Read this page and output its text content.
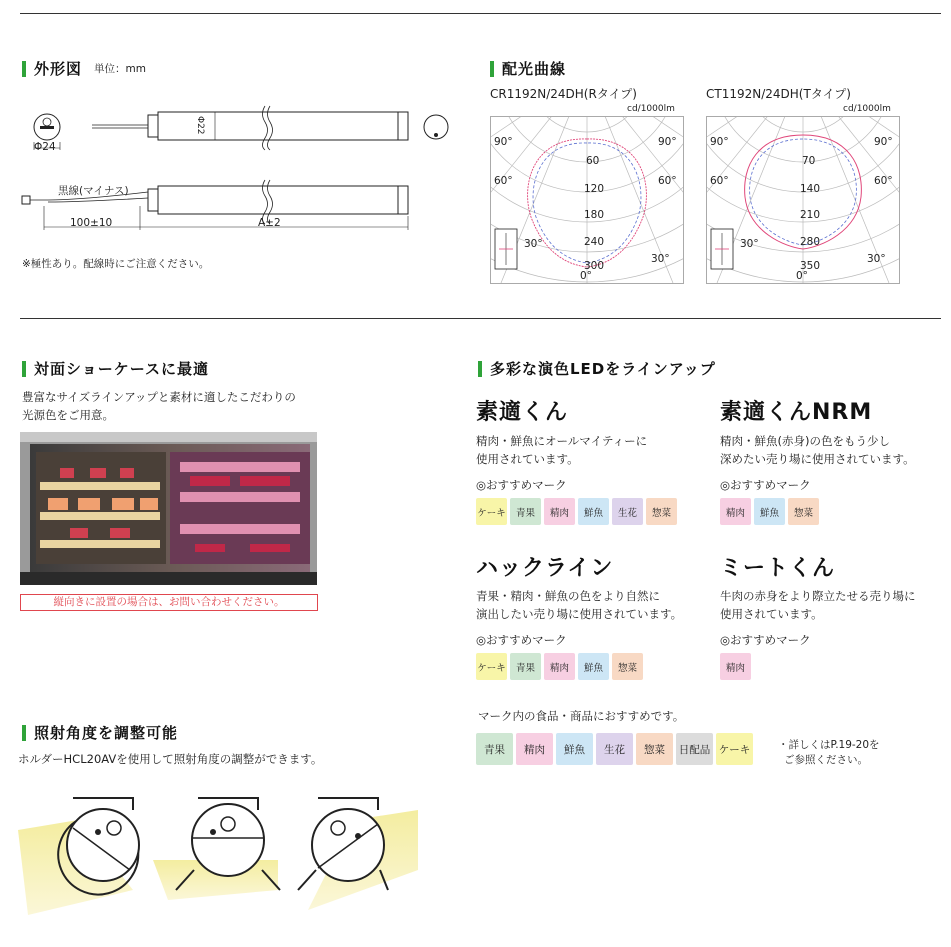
外形図 単位：mm
Φ24
Φ22
黒線(マイナス)
100±10	A±2
※極性あり。配線時にご注意ください。
配光曲線
CR1192N/24DH(Rタイプ)
cd/1000lm
60
120
180
240
300
90°	90°
60°	60°
30°
30°
0°
CT1192N/24DH(Tタイプ)
cd/1000lm
70
140
210
280
350
90°	90°
60°	60°
30°
30°
0°
対面ショーケースに最適
豊富なサイズラインアップと素材に適したこだわりの
光源色をご用意。
縦向きに設置の場合は、お問い合わせください。
照射角度を調整可能
ホルダーHCL20AVを使用して照射角度の調整ができます。
多彩な演色LEDをラインアップ
素適くん
精肉・鮮魚にオールマイティーに
使用されています。
◎おすすめマーク
ケーキ	青果	精肉	鮮魚	生花	惣菜
素適くんNRM
精肉・鮮魚(赤身)の色をもう少し
深めたい売り場に使用されています。
◎おすすめマーク
精肉	鮮魚	惣菜
ハックライン
青果・精肉・鮮魚の色をより自然に
演出したい売り場に使用されています。
◎おすすめマーク
ケーキ	青果	精肉	鮮魚	惣菜
ミートくん
牛肉の赤身をより際立たせる売り場に
使用されています。
◎おすすめマーク
精肉
マーク内の食品・商品におすすめです。
青果	精肉	鮮魚	生花	惣菜	日配品 ケーキ	・詳しくはP.19-20を
ご参照ください。
